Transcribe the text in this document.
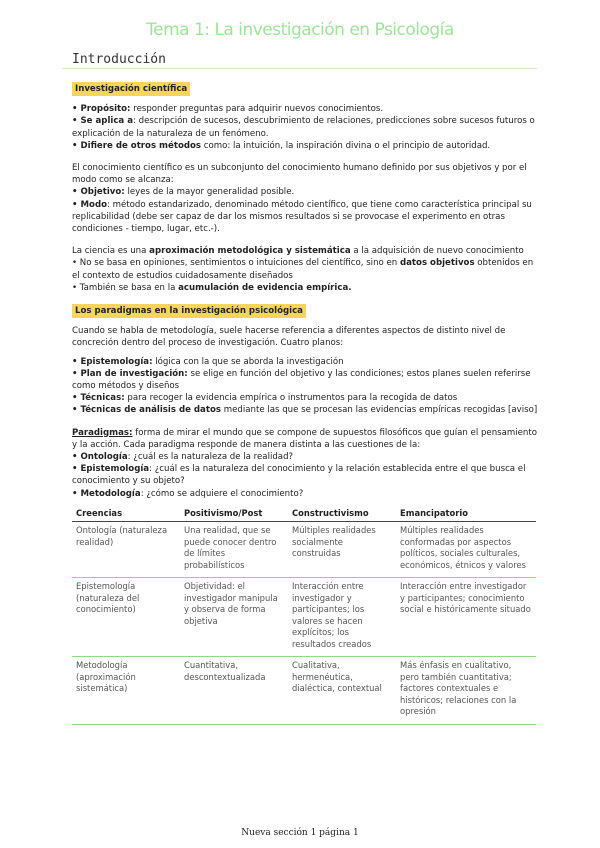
Tema 1: La investigación en Psicología
Introducción

Investigación científica

• Propósito: responder preguntas para adquirir nuevos conocimientos.

• Se aplica a: descripción de sucesos, descubrimiento de relaciones, predicciones sobre sucesos futuros o explicación de la naturaleza de un fenómeno.

• Difiere de otros métodos como: la intuición, la inspiración divina o el principio de autoridad.

El conocimiento científico es un subconjunto del conocimiento humano definido por sus objetivos y por el modo como se alcanza:

• Objetivo: leyes de la mayor generalidad posible.

• Modo: método estandarizado, denominado método científico, que tiene como característica principal su replicabilidad (debe ser capaz de dar los mismos resultados si se provocase el experimento en otras condiciones - tiempo, lugar, etc.-).

La ciencia es una aproximación metodológica y sistemática a la adquisición de nuevo conocimiento

• No se basa en opiniones, sentimientos o intuiciones del científico, sino en datos objetivos obtenidos en el contexto de estudios cuidadosamente diseñados

• También se basa en la acumulación de evidencia empírica.

Los paradigmas en la investigación psicológica

Cuando se habla de metodología, suele hacerse referencia a diferentes aspectos de distinto nivel de concreción dentro del proceso de investigación. Cuatro planos:

• Epistemología: lógica con la que se aborda la investigación

• Plan de investigación: se elige en función del objetivo y las condiciones; estos planes suelen referirse como métodos y diseños

• Técnicas: para recoger la evidencia empírica o instrumentos para la recogida de datos

• Técnicas de análisis de datos mediante las que se procesan las evidencias empíricas recogidas [aviso]

Paradigmas: forma de mirar el mundo que se compone de supuestos filosóficos que guían el pensamiento y la acción. Cada paradigma responde de manera distinta a las cuestiones de la:

• Ontología: ¿cuál es la naturaleza de la realidad?

• Epistemología: ¿cuál es la naturaleza del conocimiento y la relación establecida entre el que busca el conocimiento y su objeto?

• Metodología: ¿cómo se adquiere el conocimiento?

Creencias	Positivismo/Post	Constructivismo	Emancipatorio
Ontología (naturaleza realidad)	Una realidad, que se puede conocer dentro de límites probabilísticos	Múltiples realidades socialmente construidas	Múltiples realidades conformadas por aspectos políticos, sociales culturales, económicos, étnicos y valores
Epistemología (naturaleza del conocimiento)	Objetividad: el investigador manipula y observa de forma objetiva	Interacción entre investigador y participantes; los valores se hacen explícitos; los resultados creados	Interacción entre investigador y participantes; conocimiento social e históricamente situado
Metodología (aproximación sistemática)	Cuantitativa, descontextualizada	Cualitativa, hermenéutica, dialéctica, contextual	Más énfasis en cualitativo, pero también cuantitativa; factores contextuales e históricos; relaciones con la opresión
Nueva sección 1 página 1
